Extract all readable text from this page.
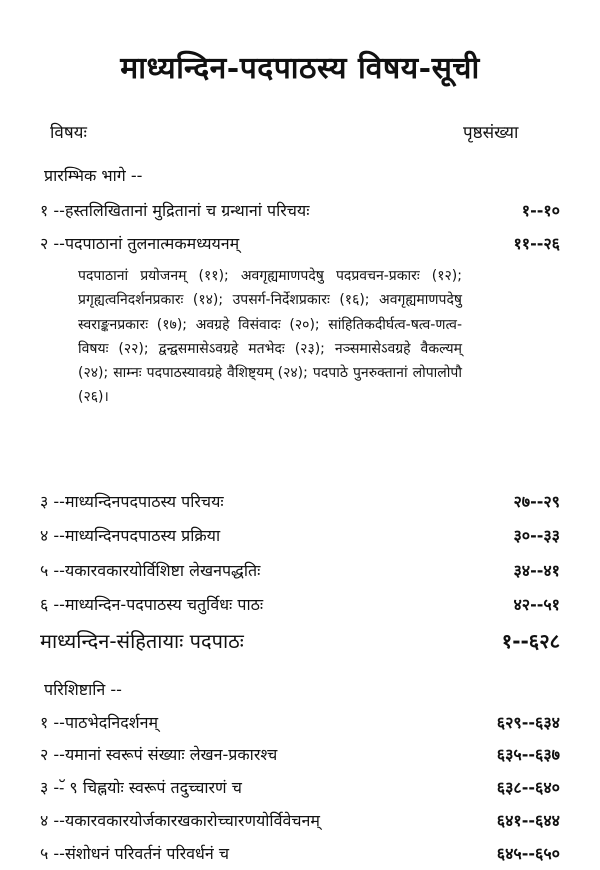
माध्यन्दिन-पदपाठस्य विषय-सूची
विषयः	पृष्ठसंख्या
प्रारम्भिक भागे --
१ --हस्तलिखितानां मुद्रितानां च ग्रन्थानां परिचयः	१--१०
२ --पदपाठानां तुलनात्मकमध्ययनम्	११--२६
पदपाठानां प्रयोजनम् (११); अवगृह्यमाणपदेषु पदप्रवचन-प्रकारः (१२); प्रगृह्यत्वनिदर्शनप्रकारः (१४); उपसर्ग-निर्देशप्रकारः (१६); अवगृह्यमाणपदेषु स्वराङ्कनप्रकारः (१७); अवग्रहे विसंवादः (२०); सांहितिकदीर्घत्व-षत्व-णत्व-विषयः (२२); द्वन्द्वसमासेऽवग्रहे मतभेदः (२३); नञ्समासेऽवग्रहे वैकल्यम् (२४); साम्नः पदपाठस्यावग्रहे वैशिष्ट्यम् (२४); पदपाठे पुनरुक्तानां लोपालोपौ (२६)।
३ --माध्यन्दिनपदपाठस्य परिचयः	२७--२९
४ --माध्यन्दिनपदपाठस्य प्रक्रिया	३०--३३
५ --यकारवकारयोर्विशिष्टा लेखनपद्धतिः	३४--४१
६ --माध्यन्दिन-पदपाठस्य चतुर्विधः पाठः	४२--५१
माध्यन्दिन-संहितायाः पदपाठः	१--६२८
परिशिष्टानि --
१ --पाठभेदनिदर्शनम्	६२९--६३४
२ --यमानां स्वरूपं संख्याः लेखन-प्रकारश्च	६३५--६३७
३ --ॅ ९ चिह्नयोः स्वरूपं तदुच्चारणं च	६३८--६४०
४ --यकारवकारयोर्जकारखकारोच्चारणयोर्विवेचनम्	६४१--६४४
५ --संशोधनं परिवर्तनं परिवर्धनं च	६४५--६५०
